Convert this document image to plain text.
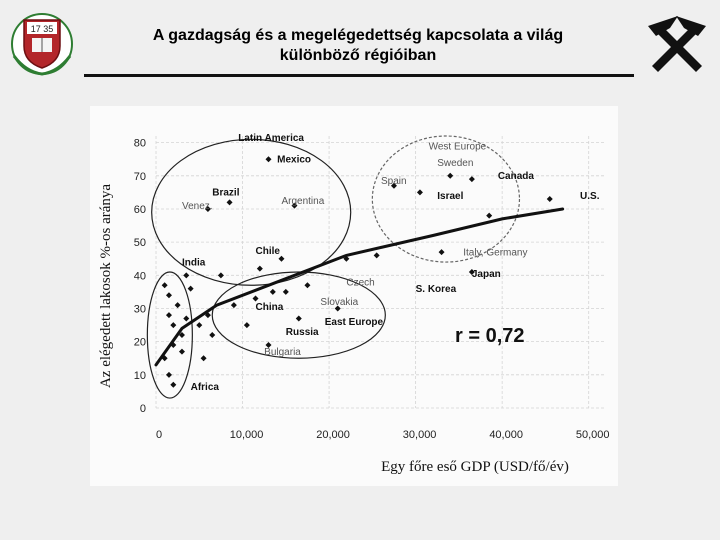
17 35	A gazdagság és a megelégedettség kapcsolata a világ
különböző régióiban
0
10
20
30
40
50
60
70
80
0	10,000	20,000	30,000	40,000	50,000
Latin America
Mexico
Brazil
Venez.	Argentina
Chile
India
China	Slovakia
Czech
Russia
East Europe
Bulgaria
Africa
West Europe
Sweden
Spain	Canada
Israel	U.S.
Italy, Germany
Japan
S. Korea
Az elégedett lakosok %-os aránya
Egy főre eső GDP (USD/fő/év)
r = 0,72
